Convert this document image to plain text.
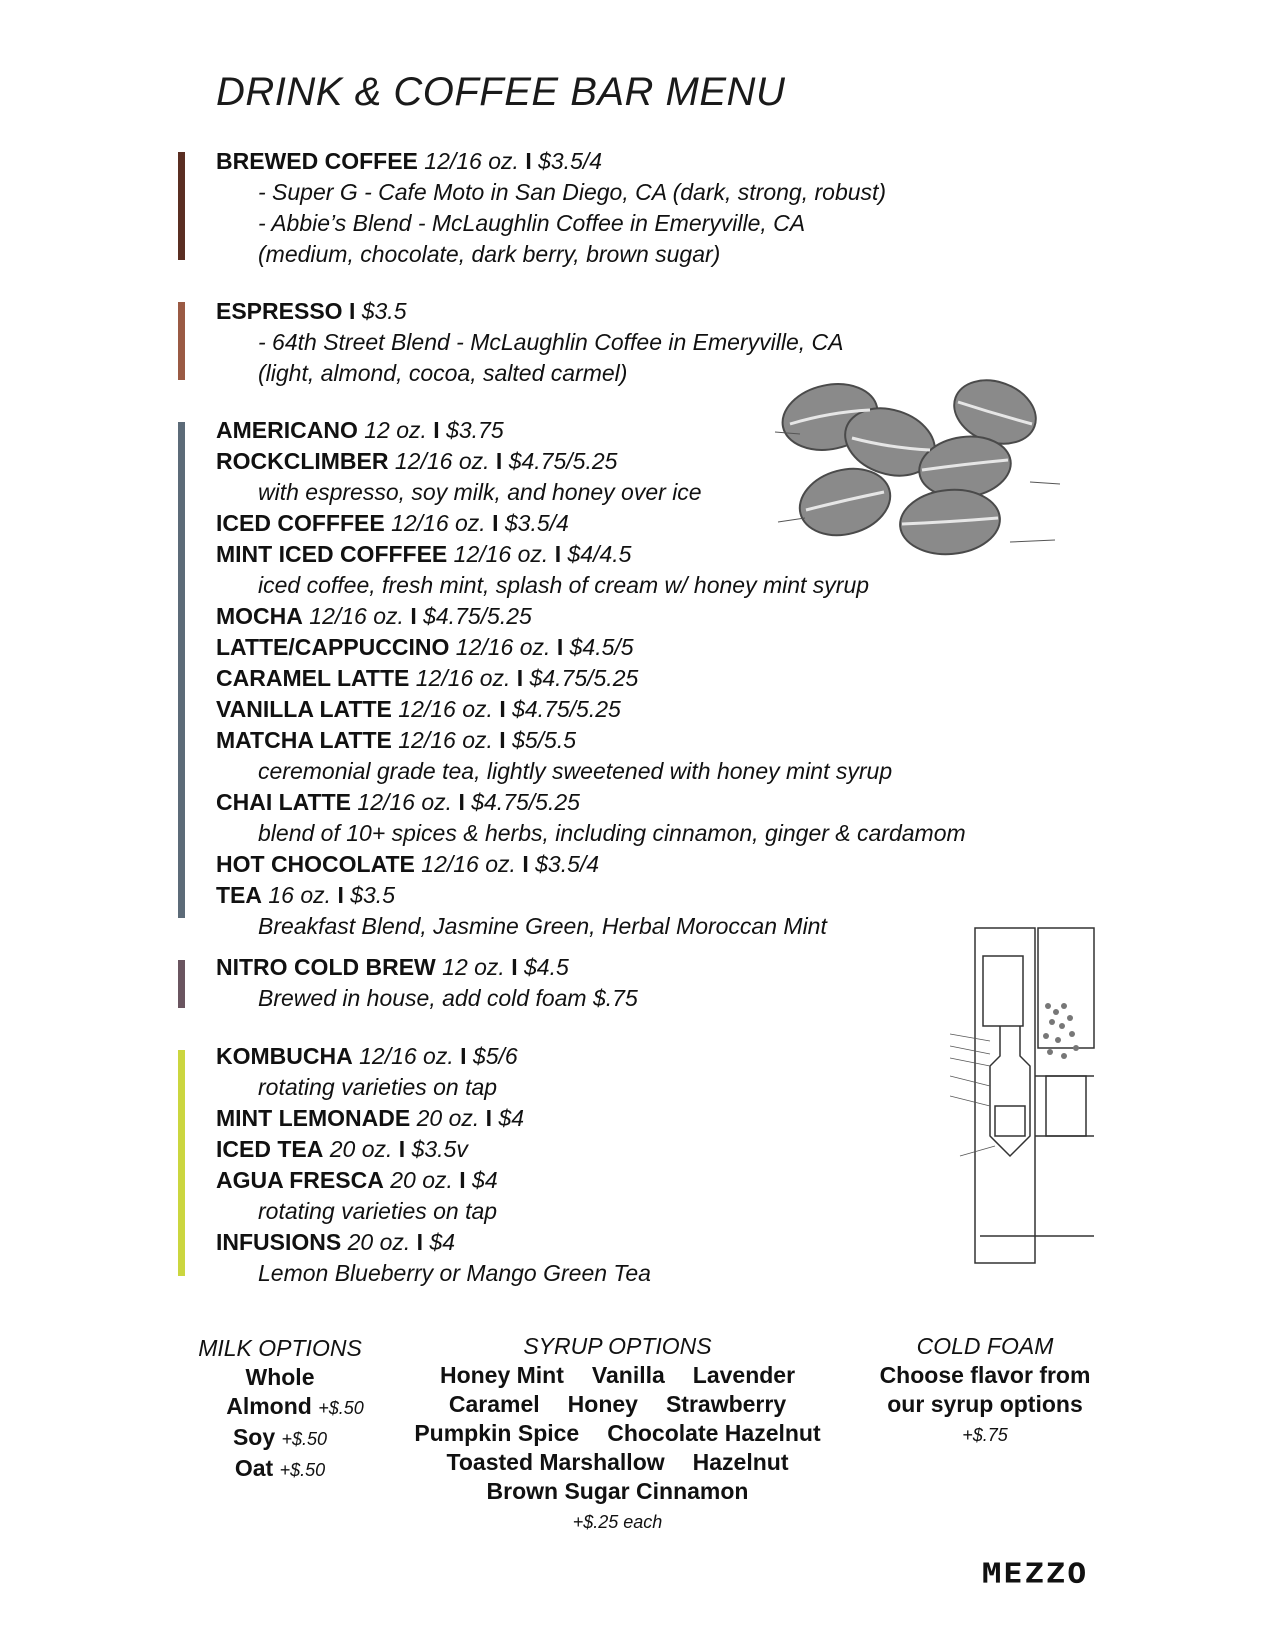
DRINK & COFFEE BAR MENU
BREWED COFFEE 12/16 oz. I $3.5/4
- Super G - Cafe Moto in San Diego, CA (dark, strong, robust)
- Abbie’s Blend - McLaughlin Coffee in Emeryville, CA
(medium, chocolate, dark berry, brown sugar)
ESPRESSO I $3.5
- 64th Street Blend - McLaughlin Coffee in Emeryville, CA
(light, almond, cocoa, salted carmel)
AMERICANO 12 oz. I $3.75
ROCKCLIMBER 12/16 oz. I $4.75/5.25
with espresso, soy milk, and honey over ice
ICED COFFFEE 12/16 oz. I $3.5/4
MINT ICED COFFFEE 12/16 oz. I $4/4.5
iced coffee, fresh mint, splash of cream w/ honey mint syrup
MOCHA 12/16 oz. I $4.75/5.25
LATTE/CAPPUCCINO 12/16 oz. I $4.5/5
CARAMEL LATTE 12/16 oz. I $4.75/5.25
VANILLA LATTE 12/16 oz. I $4.75/5.25
MATCHA LATTE 12/16 oz. I $5/5.5
ceremonial grade tea, lightly sweetened with honey mint syrup
CHAI LATTE 12/16 oz. I $4.75/5.25
blend of 10+ spices & herbs, including cinnamon, ginger & cardamom
HOT CHOCOLATE 12/16 oz. I $3.5/4
TEA 16 oz. I $3.5
Breakfast Blend, Jasmine Green, Herbal Moroccan Mint
NITRO COLD BREW 12 oz. I $4.5
Brewed in house, add cold foam $.75
KOMBUCHA 12/16 oz. I $5/6
rotating varieties on tap
MINT LEMONADE 20 oz. I $4
ICED TEA 20 oz. I $3.5v
AGUA FRESCA 20 oz. I $4
rotating varieties on tap
INFUSIONS 20 oz. I $4
Lemon Blueberry or Mango Green Tea
MILK OPTIONS
Whole
Almond +$.50
Soy +$.50
Oat +$.50
SYRUP OPTIONS
Honey Mint Vanilla Lavender
Caramel Honey Strawberry
Pumpkin Spice Chocolate Hazelnut
Toasted Marshallow Hazelnut
Brown Sugar Cinnamon
+$.25 each
COLD FOAM
Choose flavor from
our syrup options
+$.75
MEZZO
